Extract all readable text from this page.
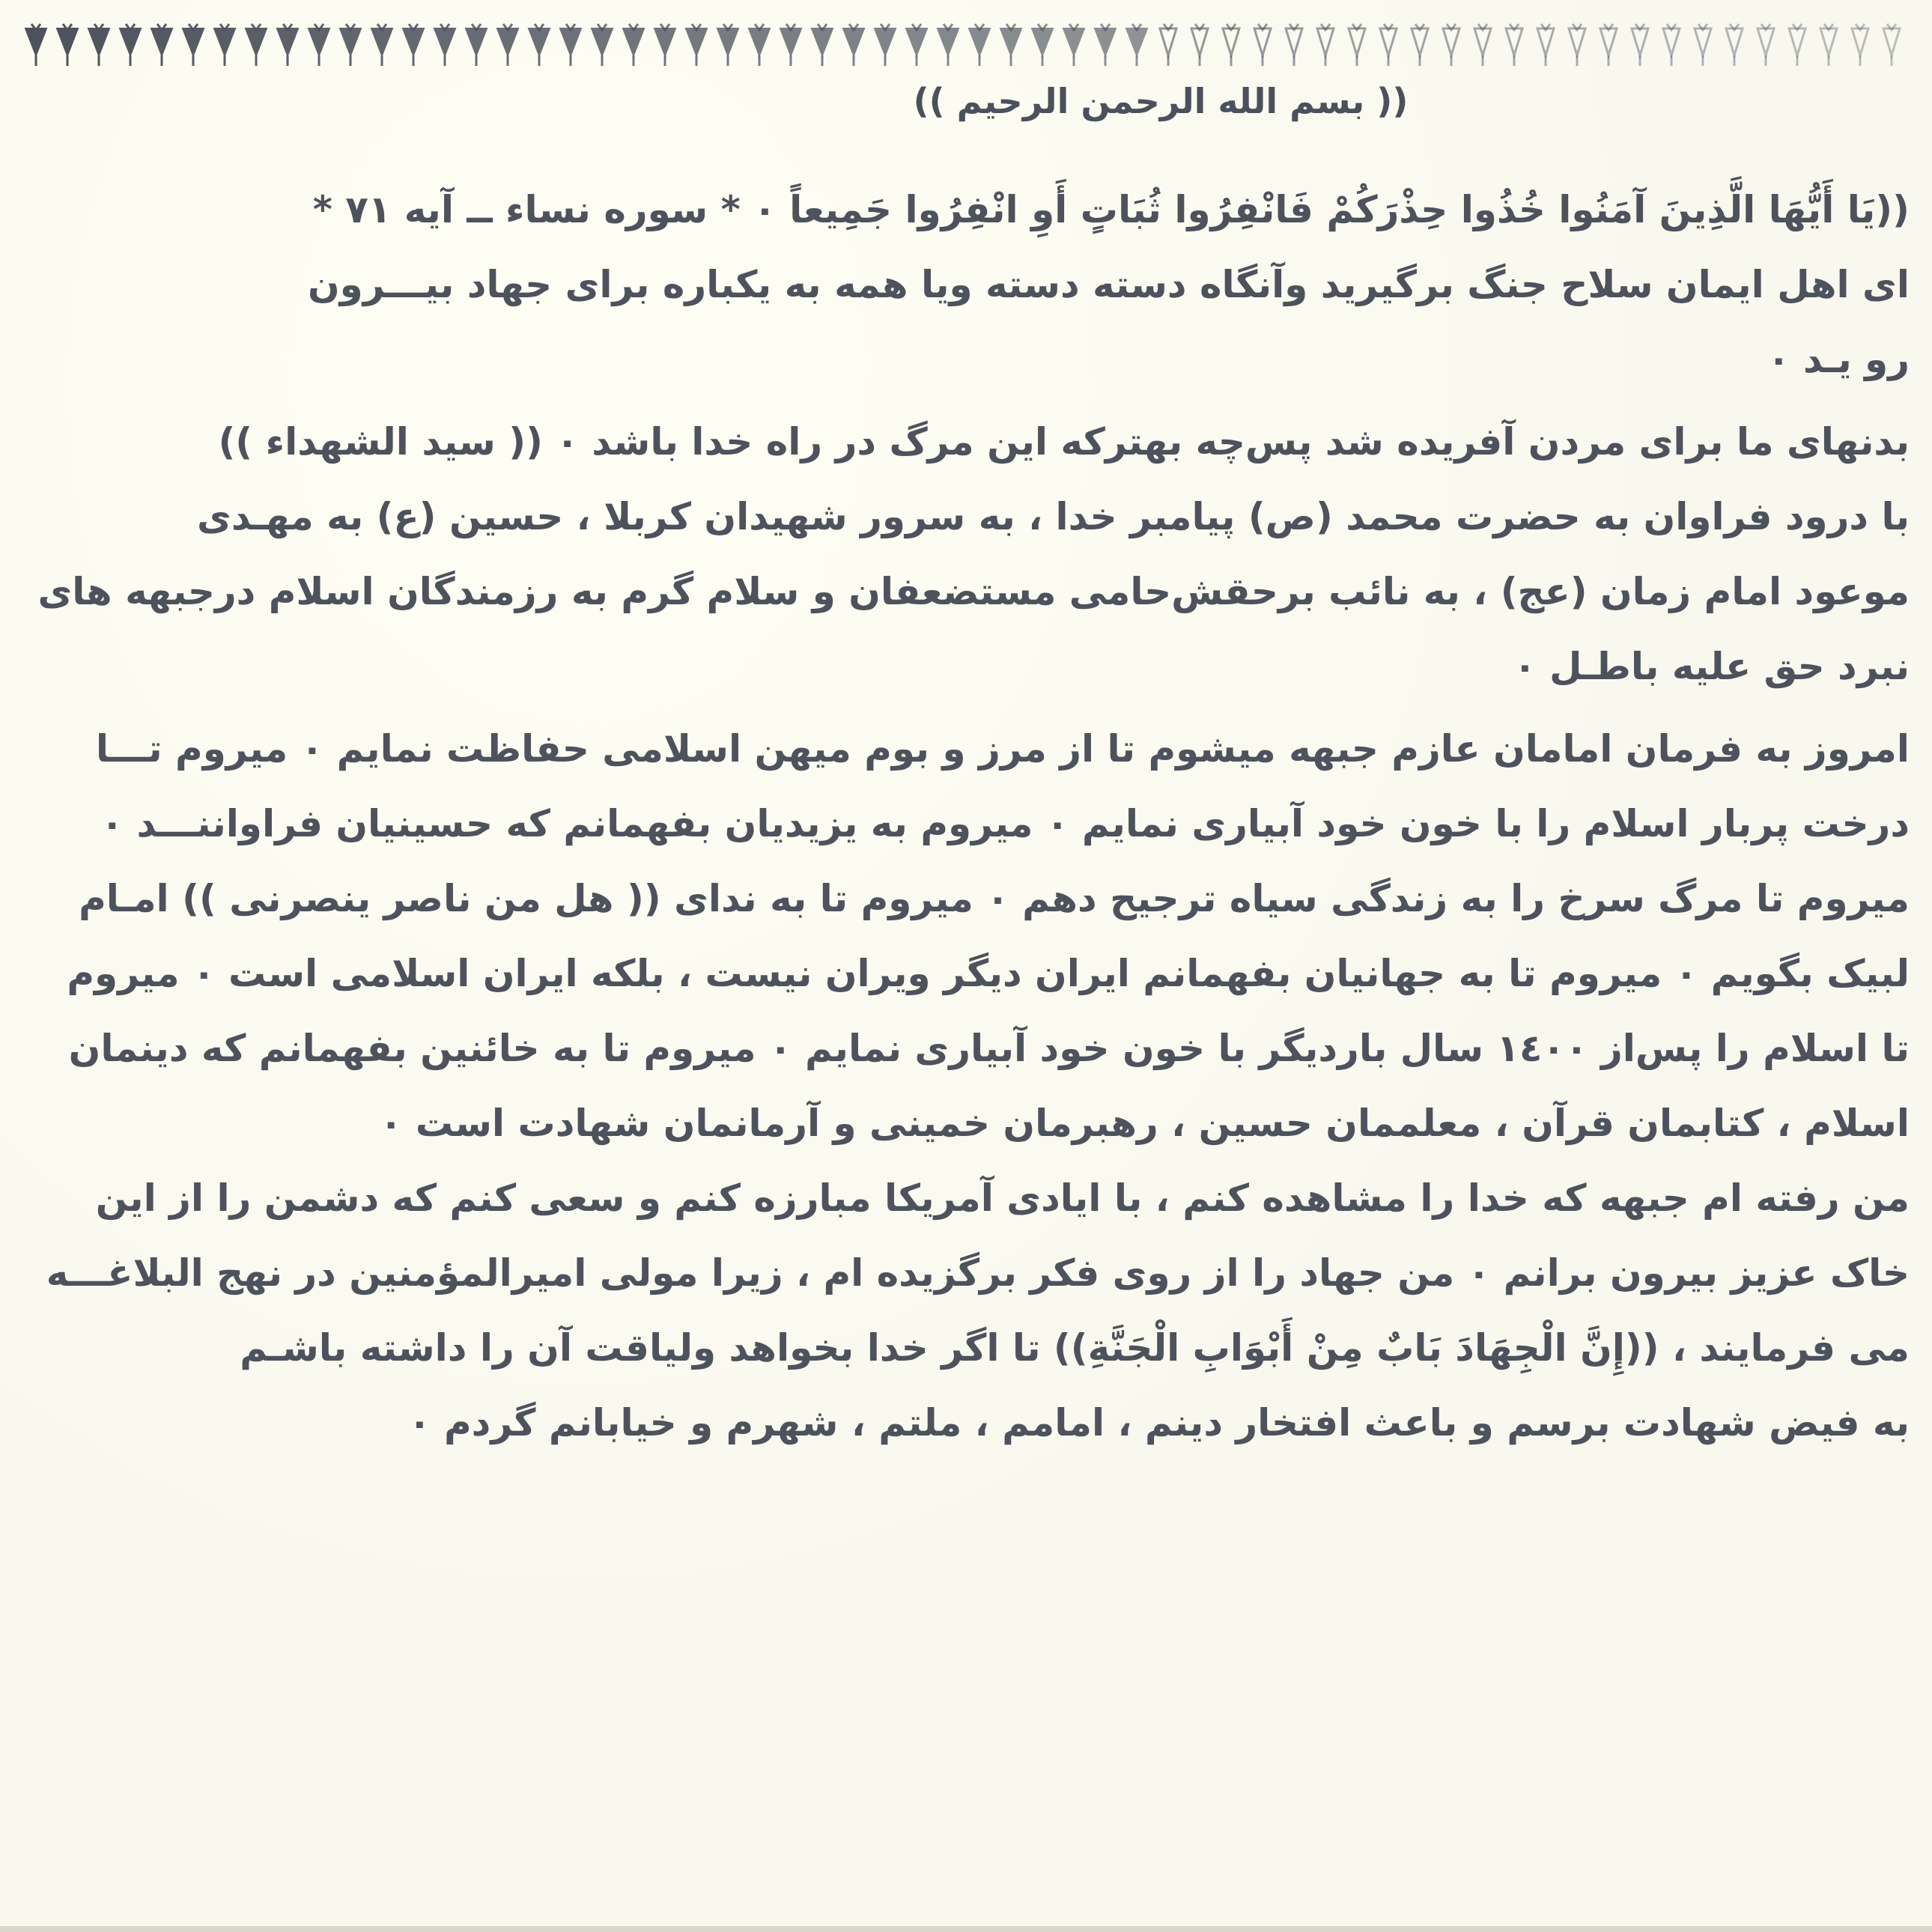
(( بسم الله الرحمن الرحيم ))
((يَا أَيُّهَا الَّذِينَ آمَنُوا خُذُوا حِذْرَكُمْ فَانْفِرُوا ثُبَاتٍ أَوِ انْفِرُوا جَمِيعاً ٠ * سوره نساء ــ آيه ٧١ *
ای اهل ایمان سلاح جنگ برگیرید وآنگاه دسته دسته ویا همه به یکباره برای جهاد بیـــرون
رو یـد ٠
بدنهای ما برای مردن آفریده شد پس‌چه بهترکه این مرگ در راه خدا باشد ٠ (( سید الشهداء ))
با درود فراوان به حضرت محمد (ص) پیامبر خدا ، به سرور شهیدان کربلا ، حسین (ع) به مهـدی
موعود امام زمان (عج) ، به نائب برحقش‌حامی مستضعفان و سلام گرم به رزمندگان اسلام درجبهه های
نبرد حق علیه باطـل ٠
امروز به فرمان امامان عازم جبهه میشوم تا از مرز و بوم میهن اسلامی حفاظت نمایم ٠ میروم تـــا
درخت پربار اسلام را با خون خود آبیاری نمایم ٠ میروم به یزیدیان بفهمانم که حسینیان فراواننـــد ٠
میروم تا مرگ سرخ را به زندگی سیاه ترجیح دهم ٠ میروم تا به ندای (( هل من ناصر ينصرنی )) امـام
لبیک بگویم ٠ میروم تا به جهانیان بفهمانم ایران دیگر ویران نیست ، بلکه ایران اسلامی است ٠ میروم
تا اسلام را پس‌از ١٤٠٠ سال باردیگر با خون خود آبیاری نمایم ٠ میروم تا به خائنین بفهمانم که دینمان
اسلام ، کتابمان قرآن ، معلممان حسین ، رهبرمان خمینی و آرمانمان شهادت است ٠
من رفته ام جبهه که خدا را مشاهده کنم ، با ایادی آمریکا مبارزه کنم و سعی کنم که دشمن را از این
خاک عزیز بیرون برانم ٠ من جهاد را از روی فکر برگزیده ام ، زیرا مولی امیرالمؤمنین در نهج البلاغـــه
می فرمایند ، ((إِنَّ الْجِهَادَ بَابٌ مِنْ أَبْوَابِ الْجَنَّةِ)) تا اگر خدا بخواهد ولیاقت آن را داشته باشـم
به فیض شهادت برسم و باعث افتخار دینم ، امامم ، ملتم ، شهرم و خیابانم گردم ٠
